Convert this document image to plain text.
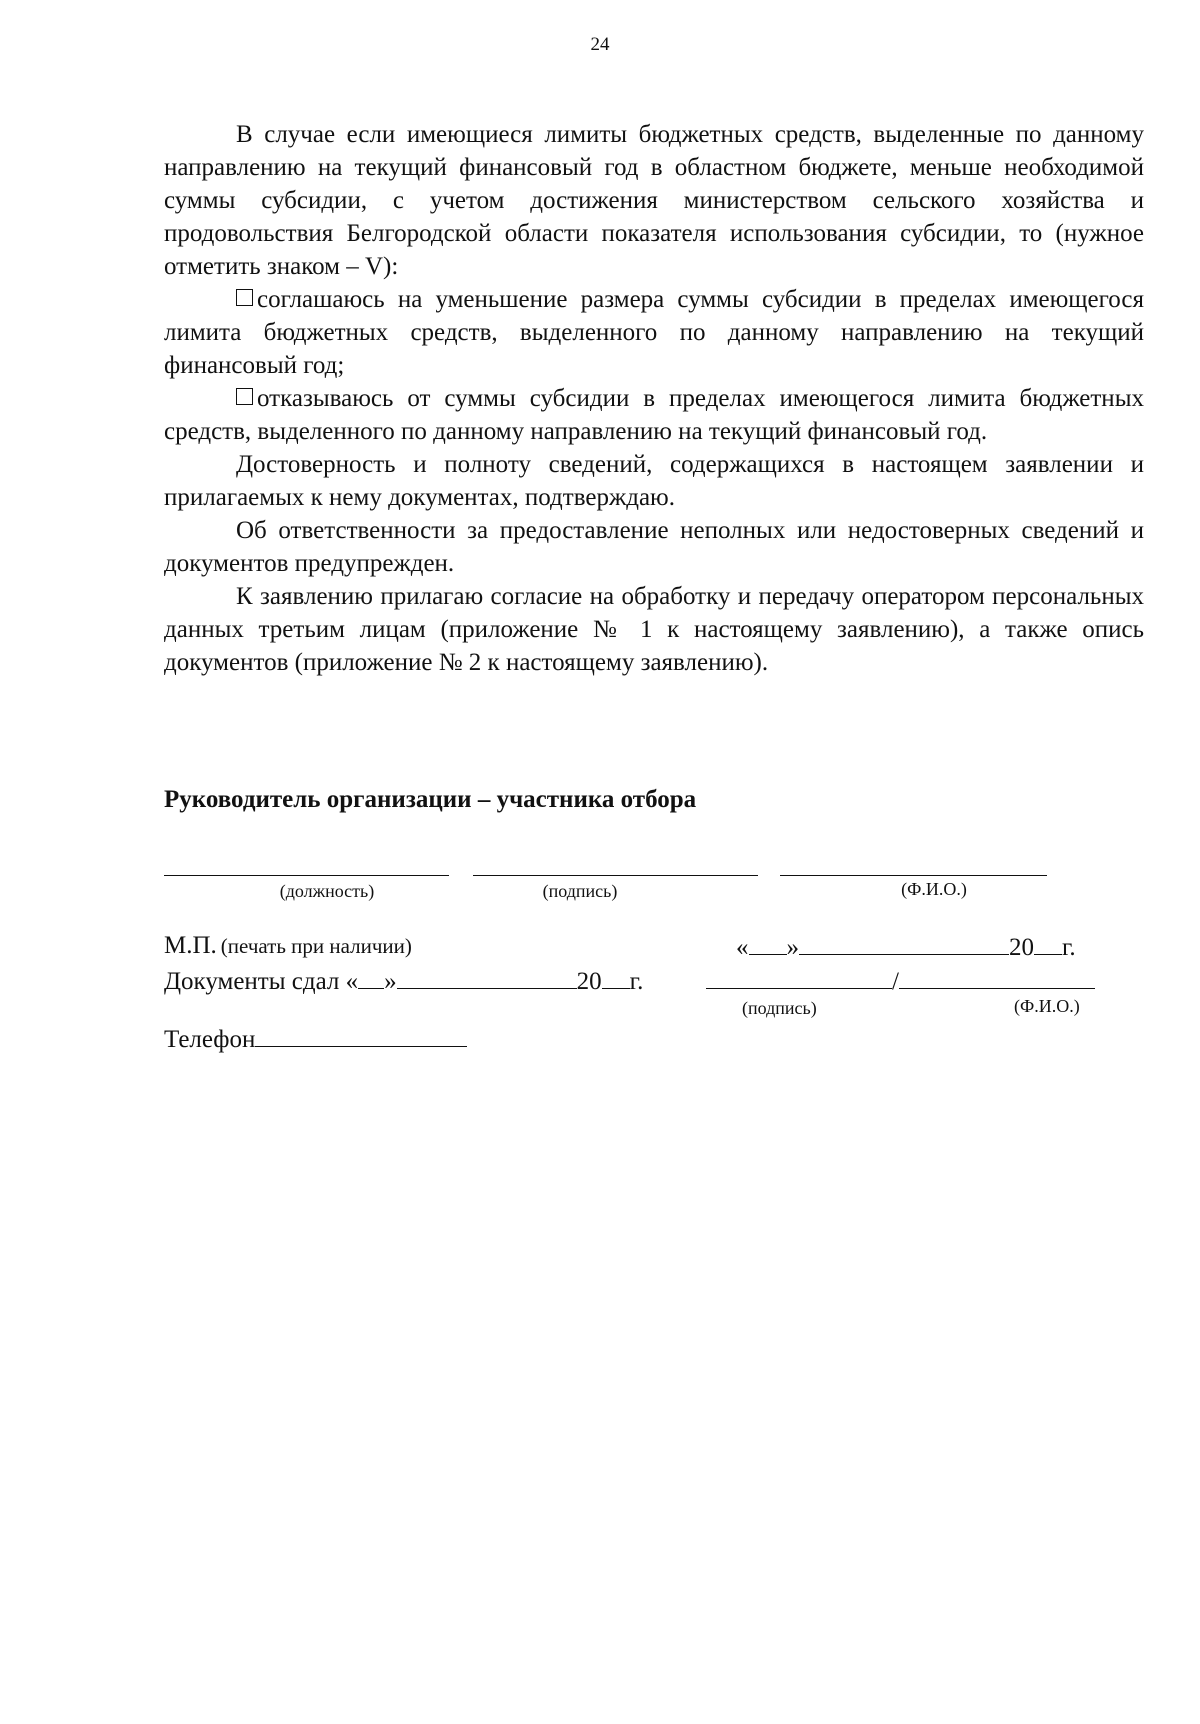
24

В случае если имеющиеся лимиты бюджетных средств, выделенные по данному направлению на текущий финансовый год в областном бюджете, меньше необходимой суммы субсидии, с учетом достижения министерством сельского хозяйства и продовольствия Белгородской области показателя использования субсидии, то (нужное отметить знаком – V):

соглашаюсь на уменьшение размера суммы субсидии в пределах имеющегося лимита бюджетных средств, выделенного по данному направлению на текущий финансовый год;

отказываюсь от суммы субсидии в пределах имеющегося лимита бюджетных средств, выделенного по данному направлению на текущий финансовый год.

Достоверность и полноту сведений, содержащихся в настоящем заявлении и прилагаемых к нему документах, подтверждаю.

Об ответственности за предоставление неполных или недостоверных сведений и документов предупрежден.

К заявлению прилагаю согласие на обработку и передачу оператором персональных данных третьим лицам (приложение № 1 к настоящему заявлению), а также опись документов (приложение № 2 к настоящему заявлению).

Руководитель организации – участника отбора
(должность)	(подпись)	(Ф.И.О.)
М.П. (печать при наличии)	« »	20 г.
Документы сдал « »	20 г.	/
(подпись)	(Ф.И.О.)
Телефон
